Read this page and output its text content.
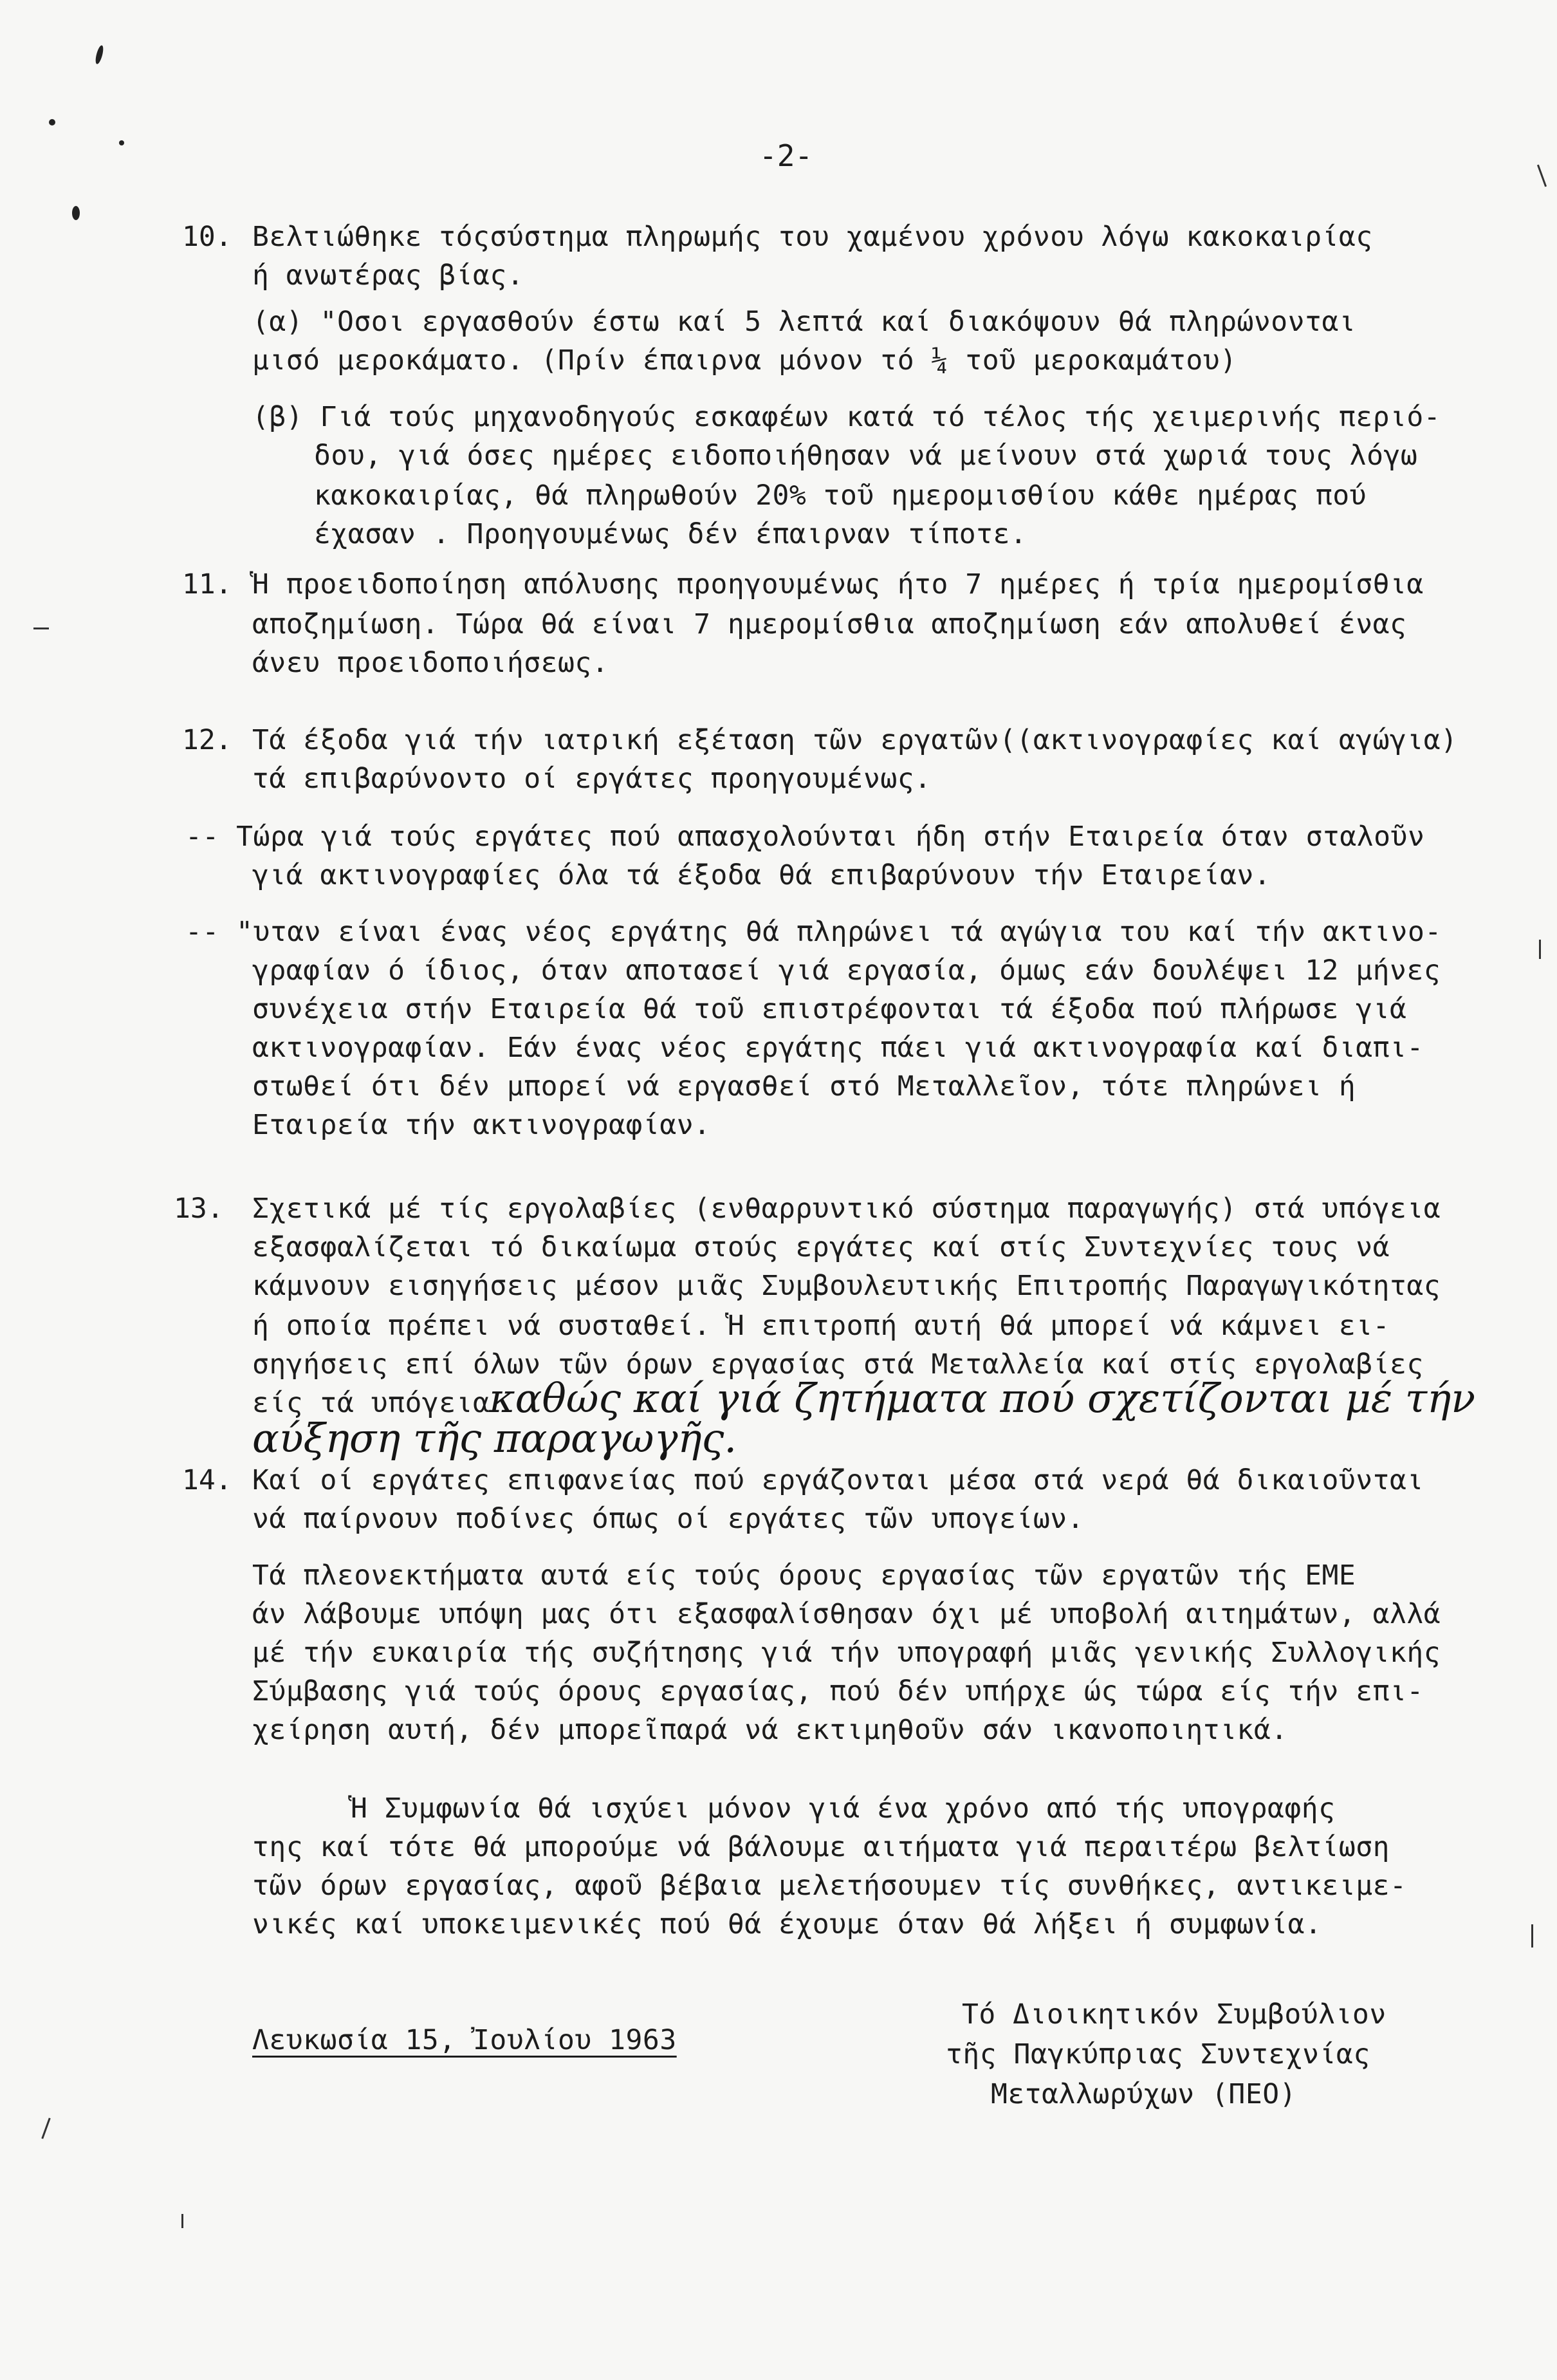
-2-
10. Βελτιώθηκε τόςσύστημα πληρωμής του χαμένου χρόνου λόγω κακοκαιρίας
ή ανωτέρας βίας.
(α) "Οσοι εργασθούν έστω καί 5 λεπτά καί διακόψουν θά πληρώνονται
μισό μεροκάματο. (Πρίν έπαιρνα μόνον τό ¼ τοῦ μεροκαμάτου)
(β) Γιά τούς μηχανοδηγούς εσκαφέων κατά τό τέλος τής χειμερινής περιό-
δου, γιά όσες ημέρες ειδοποιήθησαν νά μείνουν στά χωριά τους λόγω
κακοκαιρίας, θά πληρωθούν 20% τοῦ ημερομισθίου κάθε ημέρας πού
έχασαν . Προηγουμένως δέν έπαιρναν τίποτε.
11. Ἡ προειδοποίηση απόλυσης προηγουμένως ήτο 7 ημέρες ή τρία ημερομίσθια
αποζημίωση. Τώρα θά είναι 7 ημερομίσθια αποζημίωση εάν απολυθεί ένας
άνευ προειδοποιήσεως.
12. Τά έξοδα γιά τήν ιατρική εξέταση τῶν εργατῶν((ακτινογραφίες καί αγώγια)
τά επιβαρύνοντο οί εργάτες προηγουμένως.
-- Τώρα γιά τούς εργάτες πού απασχολούνται ήδη στήν Εταιρεία όταν σταλοῦν
γιά ακτινογραφίες όλα τά έξοδα θά επιβαρύνουν τήν Εταιρείαν.
-- "υταν είναι ένας νέος εργάτης θά πληρώνει τά αγώγια του καί τήν ακτινο-
γραφίαν ό ίδιος, όταν αποτασεί γιά εργασία, όμως εάν δουλέψει 12 μήνες
συνέχεια στήν Εταιρεία θά τοῦ επιστρέφονται τά έξοδα πού πλήρωσε γιά
ακτινογραφίαν. Εάν ένας νέος εργάτης πάει γιά ακτινογραφία καί διαπι-
στωθεί ότι δέν μπορεί νά εργασθεί στό Μεταλλεῖον, τότε πληρώνει ή
Εταιρεία τήν ακτινογραφίαν.
13. Σχετικά μέ τίς εργολαβίες (ενθαρρυντικό σύστημα παραγωγής) στά υπόγεια
εξασφαλίζεται τό δικαίωμα στούς εργάτες καί στίς Συντεχνίες τους νά
κάμνουν εισηγήσεις μέσον μιᾶς Συμβουλευτικής Επιτροπής Παραγωγικότητας
ή οποία πρέπει νά συσταθεί. Ἡ επιτροπή αυτή θά μπορεί νά κάμνει ει-
σηγήσεις επί όλων τῶν όρων εργασίας στά Μεταλλεία καί στίς εργολαβίες
είς τά υπόγεια
καθώς καί γιά ζητήματα πού σχετίζονται μέ τήν
αύξηση τῆς παραγωγῆς.
14. Καί οί εργάτες επιφανείας πού εργάζονται μέσα στά νερά θά δικαιοῦνται
νά παίρνουν ποδίνες όπως οί εργάτες τῶν υπογείων.
Τά πλεονεκτήματα αυτά είς τούς όρους εργασίας τῶν εργατῶν τής ΕΜΕ
άν λάβουμε υπόψη μας ότι εξασφαλίσθησαν όχι μέ υποβολή αιτημάτων, αλλά
μέ τήν ευκαιρία τής συζήτησης γιά τήν υπογραφή μιᾶς γενικής Συλλογικής
Σύμβασης γιά τούς όρους εργασίας, πού δέν υπήρχε ώς τώρα είς τήν επι-
χείρηση αυτή, δέν μπορεῖπαρά νά εκτιμηθοῦν σάν ικανοποιητικά.
Ἡ Συμφωνία θά ισχύει μόνον γιά ένα χρόνο από τής υπογραφής
της καί τότε θά μπορούμε νά βάλουμε αιτήματα γιά περαιτέρω βελτίωση
τῶν όρων εργασίας, αφοῦ βέβαια μελετήσουμεν τίς συνθήκες, αντικειμε-
νικές καί υποκειμενικές πού θά έχουμε όταν θά λήξει ή συμφωνία.
Λευκωσία 15, Ἰουλίου 1963
Τό Διοικητικόν Συμβούλιον
τῆς Παγκύπριας Συντεχνίας
Μεταλλωρύχων (ΠΕΟ)
